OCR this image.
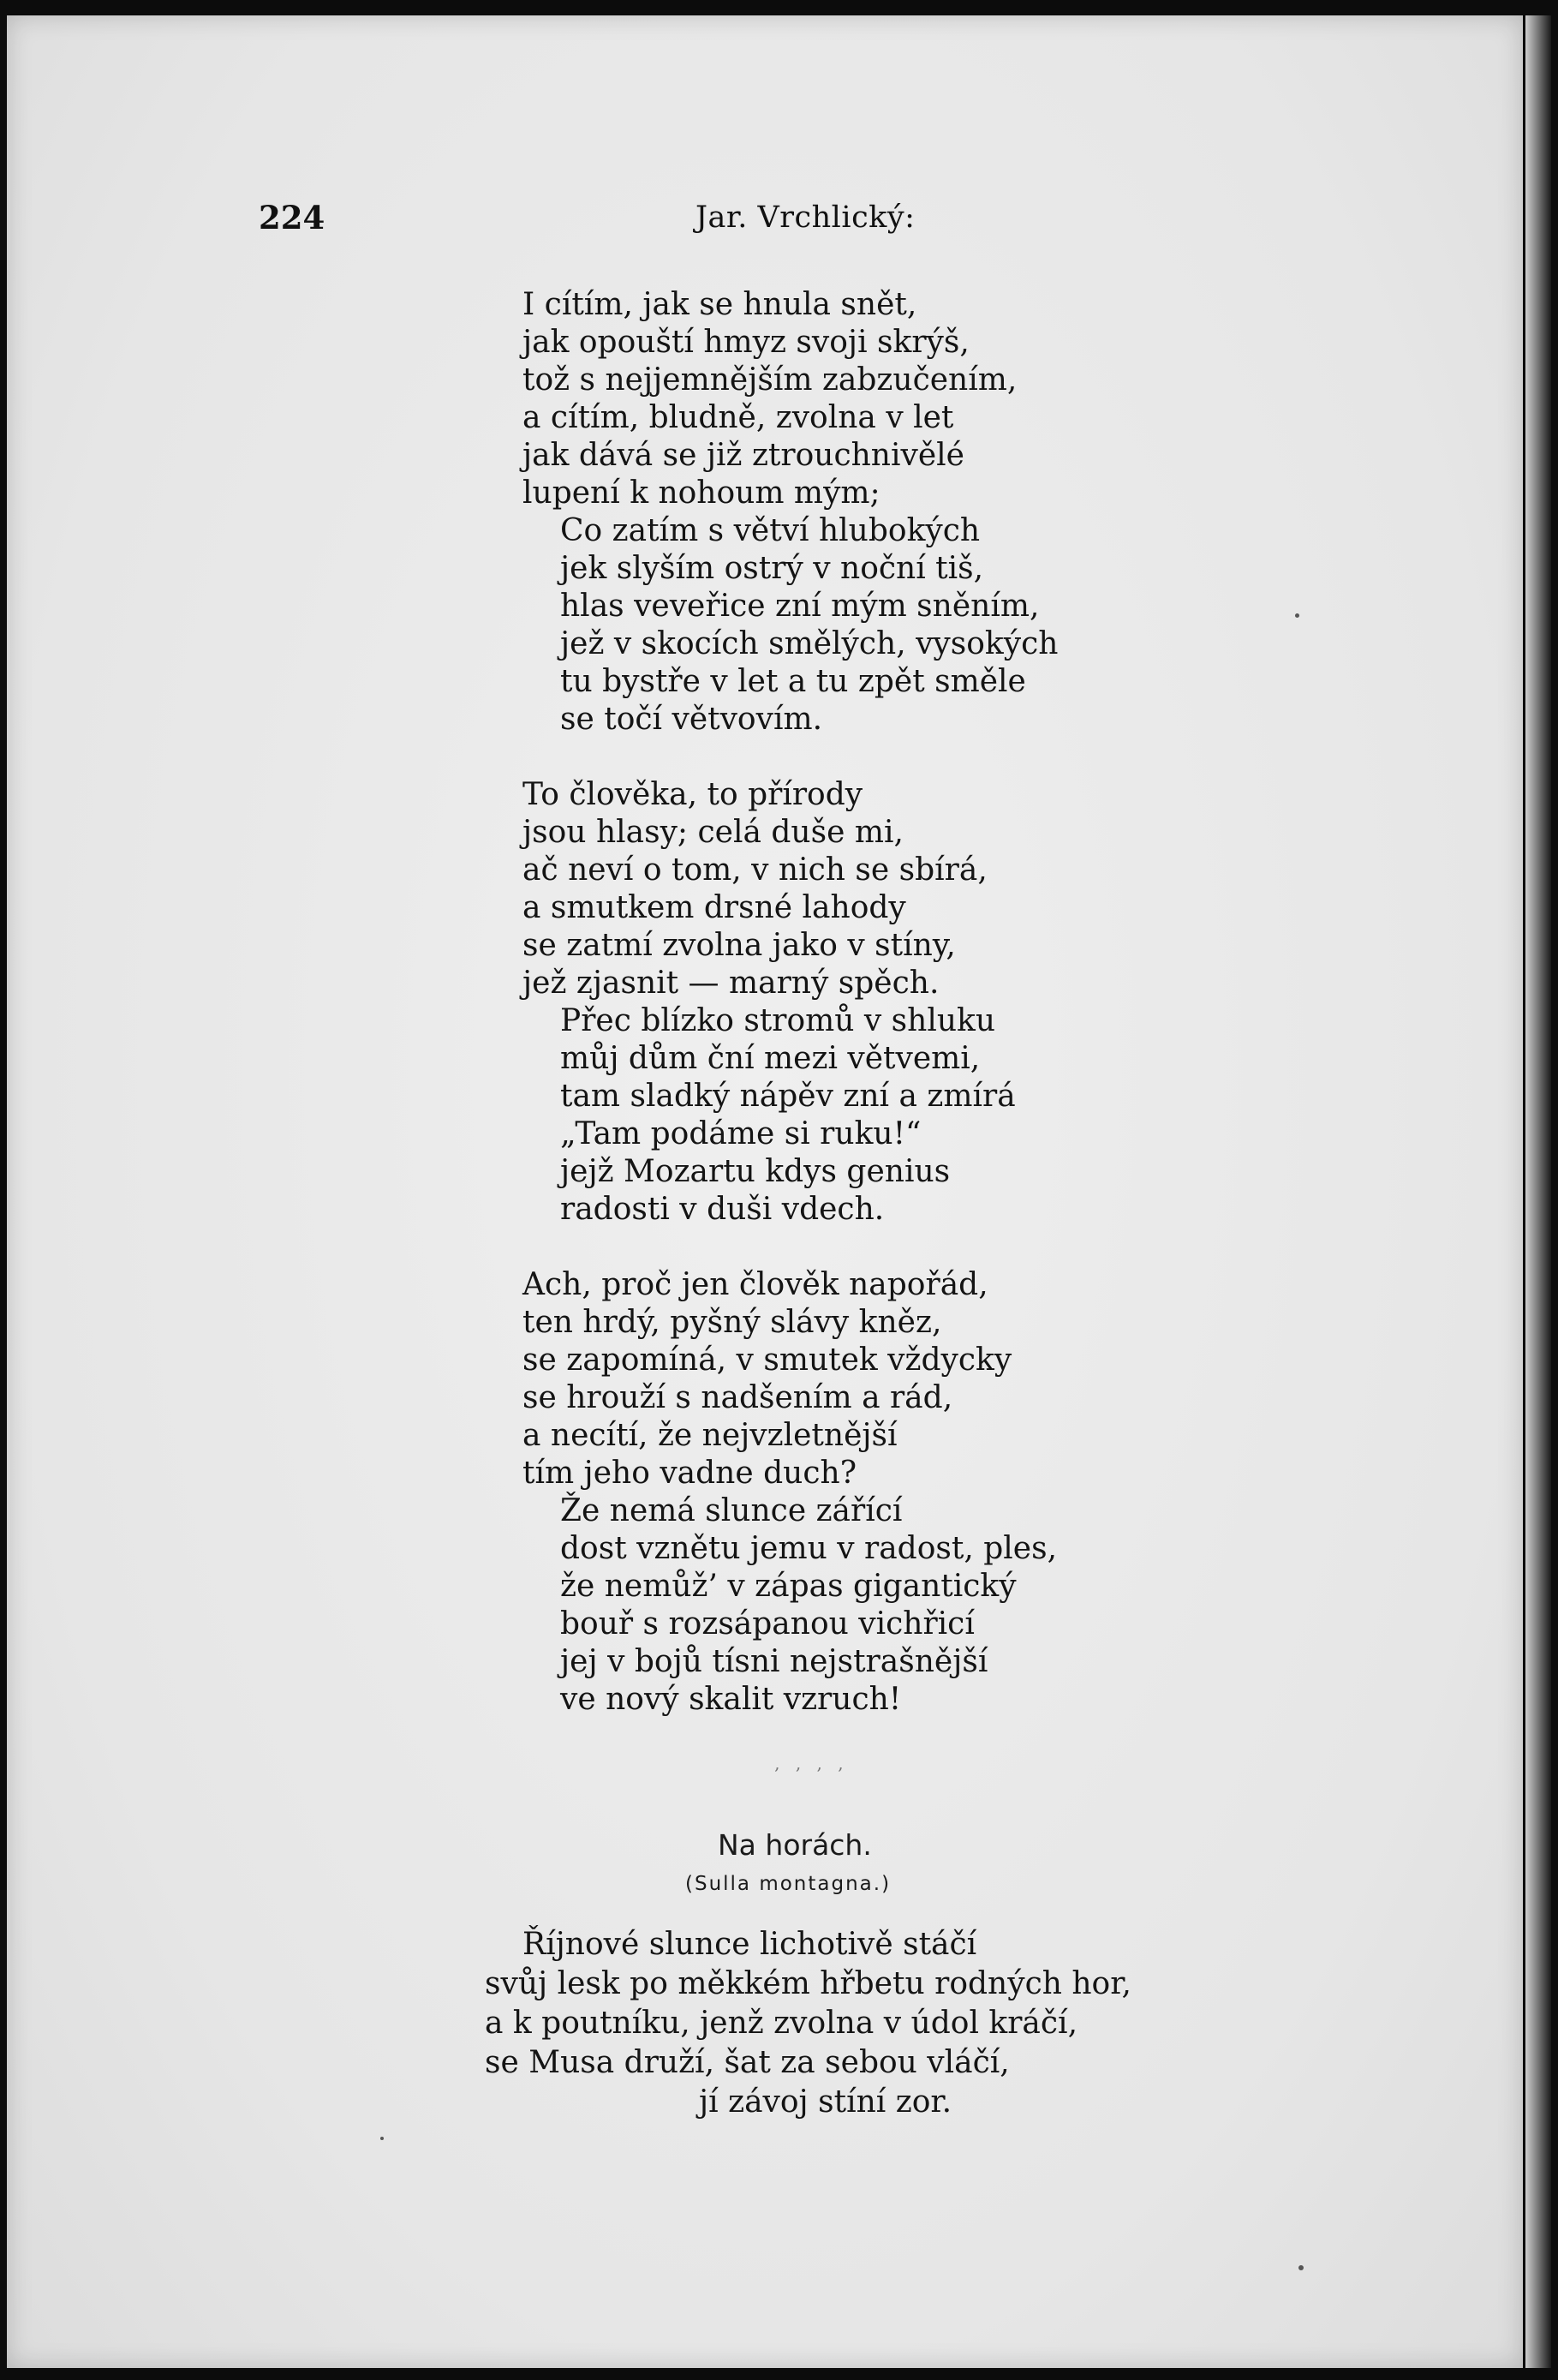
224	Jar. Vrchlický:
I cítím, jak se hnula snět,
jak opouští hmyz svoji skrýš,
tož s nejjemnějším zabzučením,
a cítím, bludně, zvolna v let
jak dává se již ztrouchnivělé
lupení k nohoum mým;
Co zatím s větví hlubokých
jek slyším ostrý v noční tiš,
hlas veveřice zní mým sněním,
jež v skocích smělých, vysokých
tu bystře v let a tu zpět směle
se točí větvovím.
To člověka, to přírody
jsou hlasy; celá duše mi,
ač neví o tom, v nich se sbírá,
a smutkem drsné lahody
se zatmí zvolna jako v stíny,
jež zjasnit — marný spěch.
Přec blízko stromů v shluku
můj dům ční mezi větvemi,
tam sladký nápěv zní a zmírá
„Tam podáme si ruku!“
jejž Mozartu kdys genius
radosti v duši vdech.
Ach, proč jen člověk napořád,
ten hrdý, pyšný slávy kněz,
se zapomíná, v smutek vždycky
se hrouží s nadšením a rád,
a necítí, že nejvzletnější
tím jeho vadne duch?
Že nemá slunce zářící
dost vznětu jemu v radost, ples,
že nemůž’ v zápas gigantický
bouř s rozsápanou vichřicí
jej v bojů tísni nejstrašnější
ve nový skalit vzruch!
‚ ‚ ‚ ‚
Na horách.
(Sulla montagna.)
Říjnové slunce lichotivě stáčí
svůj lesk po měkkém hřbetu rodných hor,
a k poutníku, jenž zvolna v údol kráčí,
se Musa druží, šat za sebou vláčí,
jí závoj stíní zor.
